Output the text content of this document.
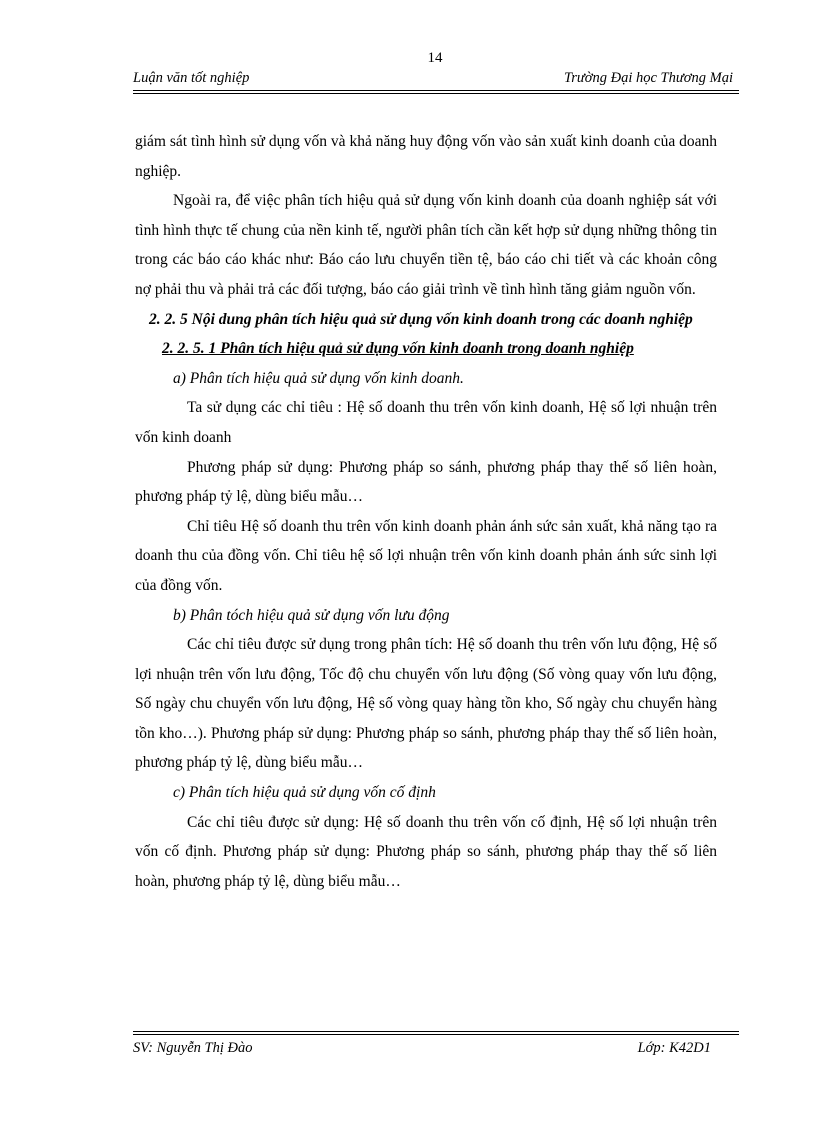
14
Luận văn tốt nghiệp	Trường Đại học Thương Mại

giám sát tình hình sử dụng vốn và khả năng huy động vốn vào sản xuất kinh doanh của doanh nghiệp.

Ngoài ra, để việc phân tích hiệu quả sử dụng vốn kinh doanh của doanh nghiệp sát với tình hình thực tế chung của nền kinh tế, người phân tích cần kết hợp sử dụng những thông tin trong các báo cáo khác như: Báo cáo lưu chuyển tiền tệ, báo cáo chi tiết và các khoản công nợ phải thu và phải trả các đối tượng, báo cáo giải trình về tình hình tăng giảm nguồn vốn.

2. 2. 5 Nội dung phân tích hiệu quả sử dụng vốn kinh doanh trong các doanh nghiệp

2. 2. 5. 1 Phân tích hiệu quả sử dụng vốn kinh doanh trong doanh nghiệp

a) Phân tích hiệu quả sử dụng vốn kinh doanh.

Ta sử dụng các chỉ tiêu : Hệ số doanh thu trên vốn kinh doanh, Hệ số lợi nhuận trên vốn kinh doanh

Phương pháp sử dụng: Phương pháp so sánh, phương pháp thay thế số liên hoàn, phương pháp tỷ lệ, dùng biểu mẫu…

Chỉ tiêu Hệ số doanh thu trên vốn kinh doanh phản ánh sức sản xuất, khả năng tạo ra doanh thu của đồng vốn. Chỉ tiêu hệ số lợi nhuận trên vốn kinh doanh phản ánh sức sinh lợi của đồng vốn.

b) Phân tóch hiệu quả sử dụng vốn lưu động

Các chỉ tiêu được sử dụng trong phân tích: Hệ số doanh thu trên vốn lưu động, Hệ số lợi nhuận trên vốn lưu động, Tốc độ chu chuyển vốn lưu động (Số vòng quay vốn lưu động, Số ngày chu chuyển vốn lưu động, Hệ số vòng quay hàng tồn kho, Số ngày chu chuyển hàng tồn kho…). Phương pháp sử dụng: Phương pháp so sánh, phương pháp thay thế số liên hoàn, phương pháp tỷ lệ, dùng biểu mẫu…

c) Phân tích hiệu quả sử dụng vốn cố định

Các chỉ tiêu được sử dụng: Hệ số doanh thu trên vốn cố định, Hệ số lợi nhuận trên vốn cố định. Phương pháp sử dụng: Phương pháp so sánh, phương pháp thay thế số liên hoàn, phương pháp tỷ lệ, dùng biểu mẫu…

SV: Nguyễn Thị Đào	Lớp: K42D1
